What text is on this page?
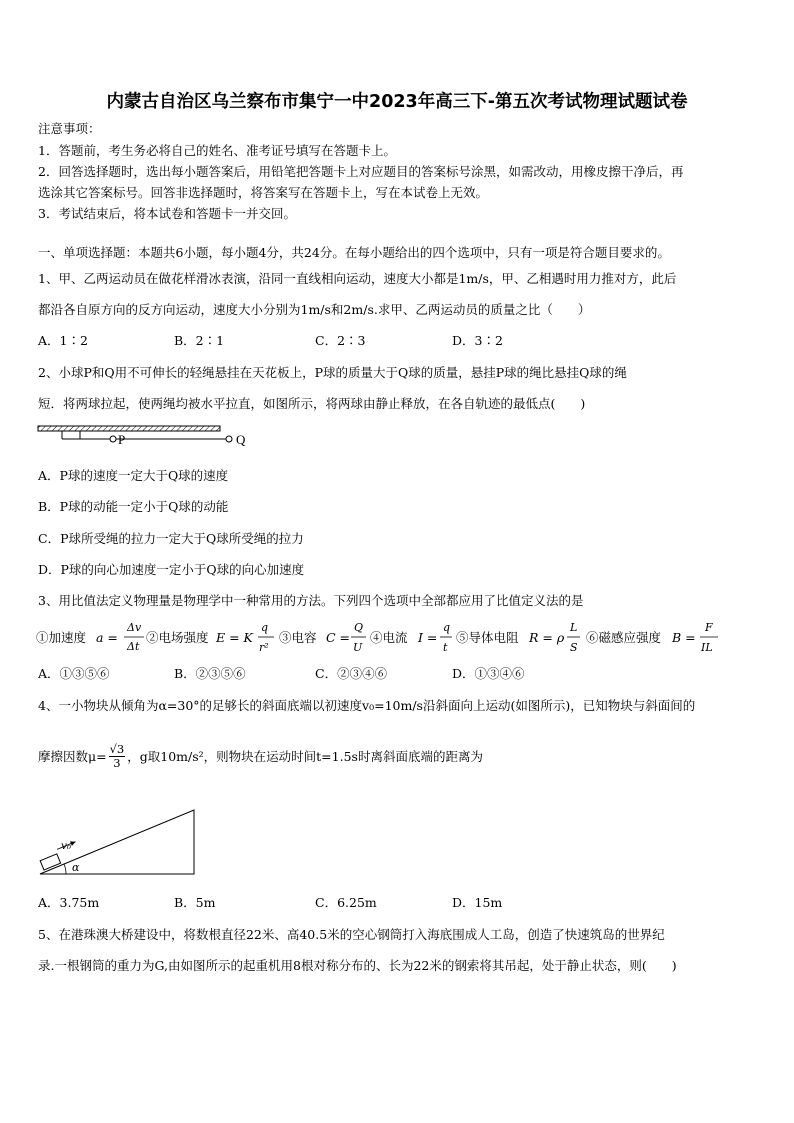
内蒙古自治区乌兰察布市集宁一中2023年高三下-第五次考试物理试题试卷
注意事项：
1．答题前，考生务必将自己的姓名、准考证号填写在答题卡上。
2．回答选择题时，选出每小题答案后，用铅笔把答题卡上对应题目的答案标号涂黑，如需改动，用橡皮擦干净后，再
选涂其它答案标号。回答非选择题时，将答案写在答题卡上，写在本试卷上无效。
3．考试结束后，将本试卷和答题卡一并交回。
一、单项选择题：本题共6小题，每小题4分，共24分。在每小题给出的四个选项中，只有一项是符合题目要求的。
1、甲、乙两运动员在做花样滑冰表演，沿同一直线相向运动，速度大小都是1m/s，甲、乙相遇时用力推对方，此后
都沿各自原方向的反方向运动，速度大小分别为1m/s和2m/s.求甲、乙两运动员的质量之比（　　）
A．1∶2	B．2∶1	C．2∶3	D．3∶2
2、小球P和Q用不可伸长的轻绳悬挂在天花板上，P球的质量大于Q球的质量，悬挂P球的绳比悬挂Q球的绳
短．将两球拉起，使两绳均被水平拉直，如图所示，将两球由静止释放，在各自轨迹的最低点(　　)
P	Q
A．P球的速度一定大于Q球的速度
B．P球的动能一定小于Q球的动能
C．P球所受绳的拉力一定大于Q球所受绳的拉力
D．P球的向心加速度一定小于Q球的向心加速度
3、用比值法定义物理量是物理学中一种常用的方法。下列四个选项中全部都应用了比值定义法的是
①加速度 a =
Δv
Δt
②电场强度 E = K
q
r²
③电容 C =
Q
U
④电流 I =
q
t
⑤导体电阻 R = ρ
L
S
⑥磁感应强度 B =
F
IL
A．①③⑤⑥	B．②③⑤⑥	C．②③④⑥	D．①③④⑥
4、一小物块从倾角为α=30°的足够长的斜面底端以初速度v₀=10m/s沿斜面向上运动(如图所示)，已知物块与斜面间的
摩擦因数$\mu= \frac{√3}{3}$ ，g取10m/s²，则物块在运动时间t=1.5s时离斜面底端的距离为
v₀
α
A．3.75m	B．5m	C．6.25m	D．15m
5、在港珠澳大桥建设中，将数根直径22米、高40.5米的空心钢筒打入海底围成人工岛，创造了快速筑岛的世界纪
录.一根钢筒的重力为G,由如图所示的起重机用8根对称分布的、长为22米的钢索将其吊起，处于静止状态，则(　　)
